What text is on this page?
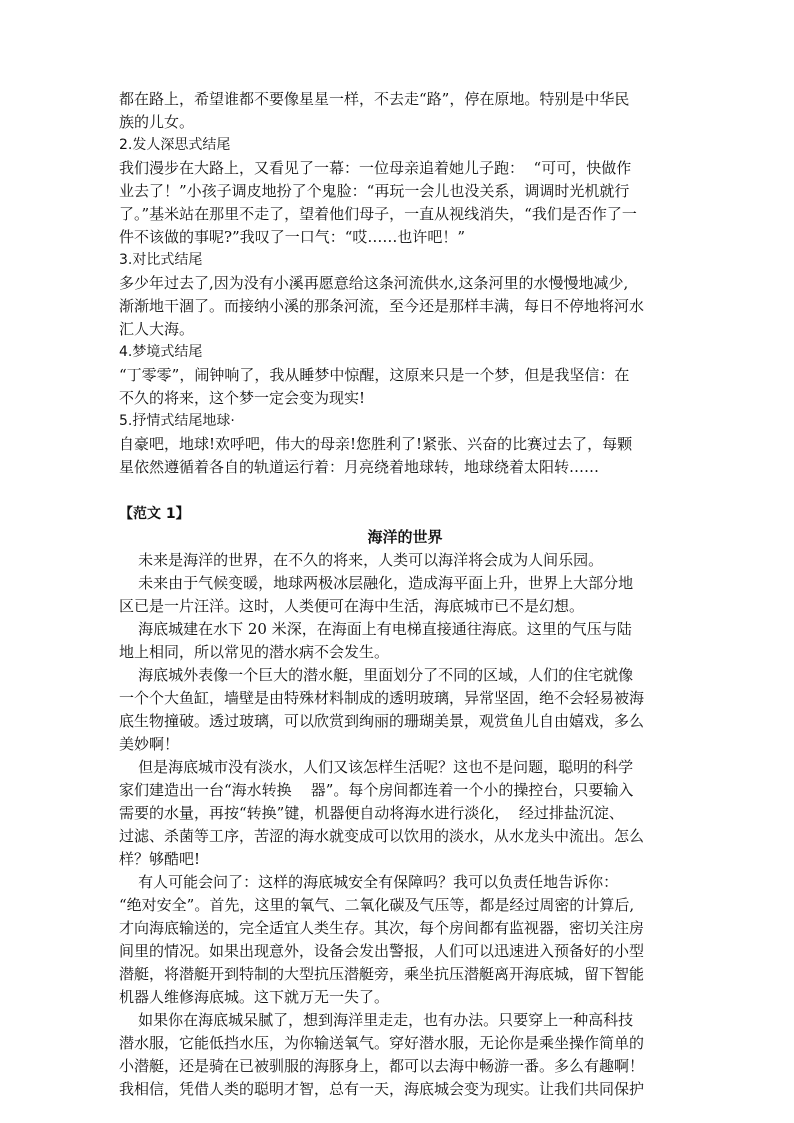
都在路上，希望谁都不要像星星一样，不去走“路”，停在原地。特别是中华民
族的儿女。
2.发人深思式结尾
我们漫步在大路上，又看见了一幕：一位母亲追着她儿子跑：  “可可，快做作
业去了！”小孩子调皮地扮了个鬼脸：“再玩一会儿也没关系，调调时光机就行
了。”基米站在那里不走了，望着他们母子，一直从视线消失，“我们是否作了一
件不该做的事呢?”我叹了一口气：“哎……也许吧！”
3.对比式结尾
多少年过去了,因为没有小溪再愿意给这条河流供水,这条河里的水慢慢地减少,
渐渐地干涸了。而接纳小溪的那条河流，至今还是那样丰满，每日不停地将河水
汇人大海。
4.梦境式结尾
“丁零零”，闹钟响了，我从睡梦中惊醒，这原来只是一个梦，但是我坚信：在
不久的将来，这个梦一定会变为现实!
5.抒情式结尾地球·
自豪吧，地球!欢呼吧，伟大的母亲!您胜利了!紧张、兴奋的比赛过去了，每颗
星依然遵循着各自的轨道运行着：月亮绕着地球转，地球绕着太阳转……
【范文 1】
海洋的世界
未来是海洋的世界，在不久的将来，人类可以海洋将会成为人间乐园。
未来由于气候变暖，地球两极冰层融化，造成海平面上升，世界上大部分地
区已是一片汪洋。这时，人类便可在海中生活，海底城市已不是幻想。
海底城建在水下 20 米深，在海面上有电梯直接通往海底。这里的气压与陆
地上相同，所以常见的潜水病不会发生。
海底城外表像一个巨大的潜水艇，里面划分了不同的区域，人们的住宅就像
一个个大鱼缸，墙壁是由特殊材料制成的透明玻璃，异常坚固，绝不会轻易被海
底生物撞破。透过玻璃，可以欣赏到绚丽的珊瑚美景，观赏鱼儿自由嬉戏，多么
美妙啊！
但是海底城市没有淡水，人们又该怎样生活呢？这也不是问题，聪明的科学
家们建造出一台“海水转换    器”。每个房间都连着一个小的操控台，只要输入
需要的水量，再按“转换”键，机器便自动将海水进行淡化，  经过排盐沉淀、
过滤、杀菌等工序，苦涩的海水就变成可以饮用的淡水，从水龙头中流出。怎么
样？够酷吧!
有人可能会问了：这样的海底城安全有保障吗？我可以负责任地告诉你：
“绝对安全”。首先，这里的氧气、二氧化碳及气压等，都是经过周密的计算后,
才向海底输送的，完全适宜人类生存。其次，每个房间都有监视器，密切关注房
间里的情况。如果出现意外，设备会发出警报，人们可以迅速进入预备好的小型
潜艇，将潜艇开到特制的大型抗压潜艇旁，乘坐抗压潜艇离开海底城，留下智能
机器人维修海底城。这下就万无一失了。
如果你在海底城呆腻了，想到海洋里走走，也有办法。只要穿上一种高科技
潜水服，它能低挡水压，为你输送氧气。穿好潜水服，无论你是乘坐操作简单的
小潜艇，还是骑在已被驯服的海豚身上，都可以去海中畅游一番。多么有趣啊！
我相信，凭借人类的聪明才智，总有一天，海底城会变为现实。让我们共同保护
